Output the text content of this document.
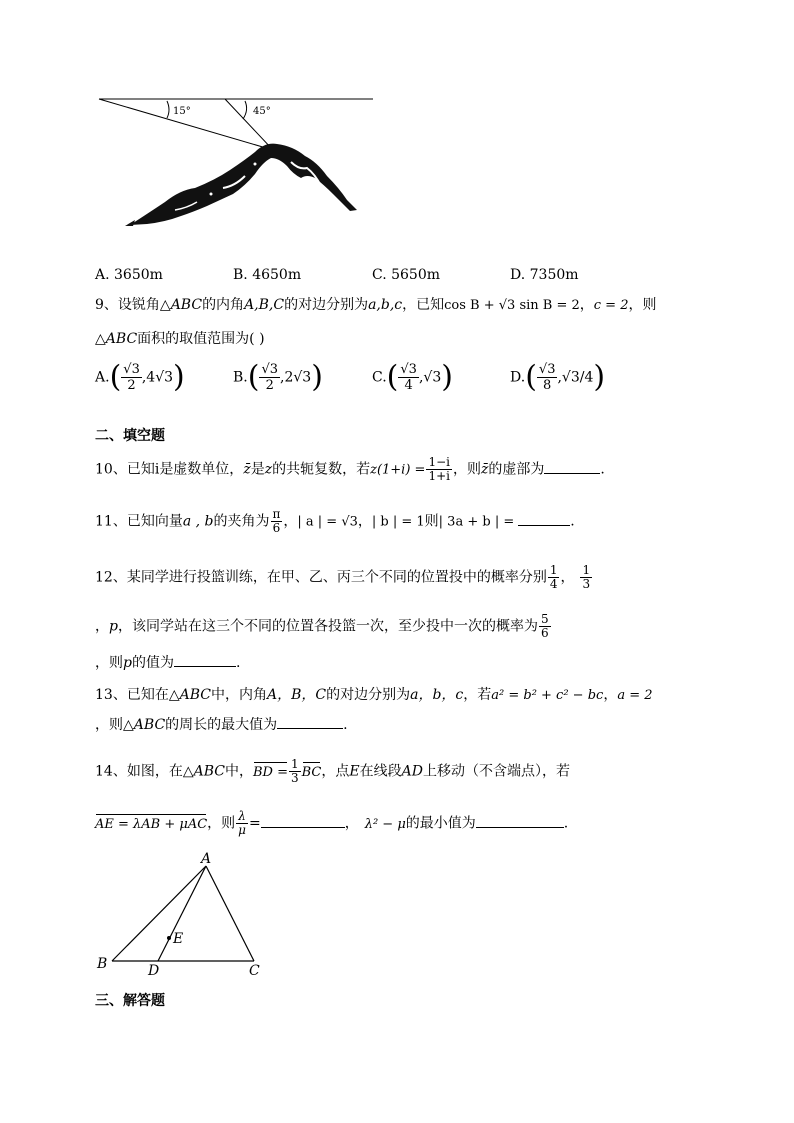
15°	45°
A. 3650m	B. 4650m	C. 5650m	D. 7350m
9、设锐角△ABC的内角A,B,C的对边分别为a,b,c，已知cos B + √3 sin B = 2，c = 2，则
△ABC面积的取值范围为( )
$A.( \frac{√3}{2} ,4√3)$	$B.( \frac{√3}{2} ,2√3)$	$C.( \frac{√3}{4} ,√3)$	$D.( \frac{√3}{8} ,√3/4)$
二、填空题
10、已知i是虚数单位，z̄是z的共轭复数，若$z(1+i) = \frac{1-i}{1+i}$ ，则z̄的虚部为	.
11、已知向量a , b的夹角为 $\frac{\pi}{6}$ ，| a | = √3，| b | = 1则| 3a + b | =	.
12、某同学进行投篮训练，在甲、乙、丙三个不同的位置投中的概率分别 $\frac{1}{4}$ ， $\frac{1}{3}$
，p，该同学站在这三个不同的位置各投篮一次，至少投中一次的概率为 $\frac{5}{6}$
，则p的值为	.
13、已知在△ABC中，内角A，B，C的对边分别为a，b，c，若a² = b² + c² − bc，a = 2
，则△ABC的周长的最大值为	.
14、如图，在△ABC中，BD = $\frac{1}{3}$ BC，点E在线段AD上移动（不含端点），若
AE = λAB + μAC，则 $\frac{\lambda}{\mu}$ =	， λ² − μ的最小值为	.
A
B	C
D
E
三、解答题
